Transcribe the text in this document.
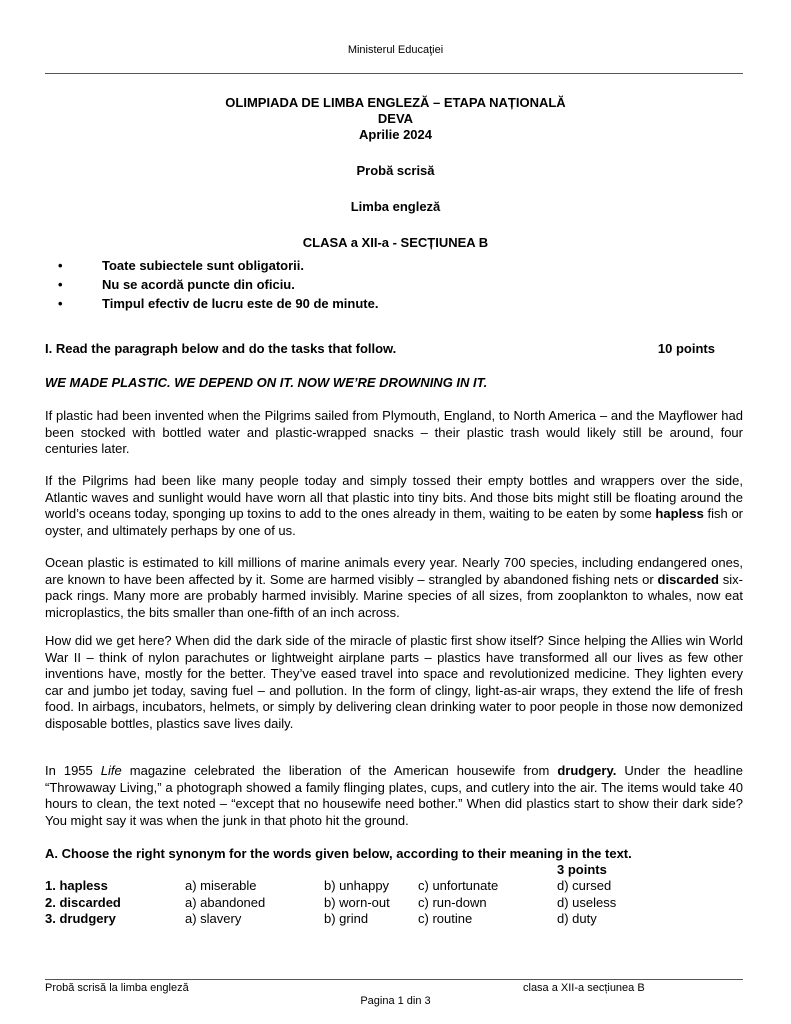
Ministerul Educaţiei
OLIMPIADA DE LIMBA ENGLEZĂ – ETAPA NAȚIONALĂ
DEVA
Aprilie 2024
Probă scrisă
Limba engleză
CLASA a XII-a - SECȚIUNEA B
• Toate subiectele sunt obligatorii.
• Nu se acordă puncte din oficiu.
• Timpul efectiv de lucru este de 90 de minute.
I. Read the paragraph below and do the tasks that follow.	10 points
WE MADE PLASTIC. WE DEPEND ON IT. NOW WE’RE DROWNING IN IT.

If plastic had been invented when the Pilgrims sailed from Plymouth, England, to North America – and the Mayflower had been stocked with bottled water and plastic-wrapped snacks – their plastic trash would likely still be around, four centuries later.

If the Pilgrims had been like many people today and simply tossed their empty bottles and wrappers over the side, Atlantic waves and sunlight would have worn all that plastic into tiny bits. And those bits might still be floating around the world’s oceans today, sponging up toxins to add to the ones already in them, waiting to be eaten by some hapless fish or oyster, and ultimately perhaps by one of us.

Ocean plastic is estimated to kill millions of marine animals every year. Nearly 700 species, including endangered ones, are known to have been affected by it. Some are harmed visibly – strangled by abandoned fishing nets or discarded six-pack rings. Many more are probably harmed invisibly. Marine species of all sizes, from zooplankton to whales, now eat microplastics, the bits smaller than one-fifth of an inch across.

How did we get here? When did the dark side of the miracle of plastic first show itself? Since helping the Allies win World War II – think of nylon parachutes or lightweight airplane parts – plastics have transformed all our lives as few other inventions have, mostly for the better. They’ve eased travel into space and revolutionized medicine. They lighten every car and jumbo jet today, saving fuel – and pollution. In the form of clingy, light-as-air wraps, they extend the life of fresh food. In airbags, incubators, helmets, or simply by delivering clean drinking water to poor people in those now demonized disposable bottles, plastics save lives daily.

In 1955 Life magazine celebrated the liberation of the American housewife from drudgery. Under the headline “Throwaway Living,” a photograph showed a family flinging plates, cups, and cutlery into the air. The items would take 40 hours to clean, the text noted – “except that no housewife need bother.” When did plastics start to show their dark side? You might say it was when the junk in that photo hit the ground.

A. Choose the right synonym for the words given below, according to their meaning in the text.
3 points
1. hapless	a) miserable	b) unhappy	c) unfortunate	d) cursed
2. discarded	a) abandoned	b) worn-out	c) run-down	d) useless
3. drudgery	a) slavery	b) grind	c) routine	d) duty
Probă scrisă la limba engleză	clasa a XII-a secțiunea B
Pagina 1 din 3
